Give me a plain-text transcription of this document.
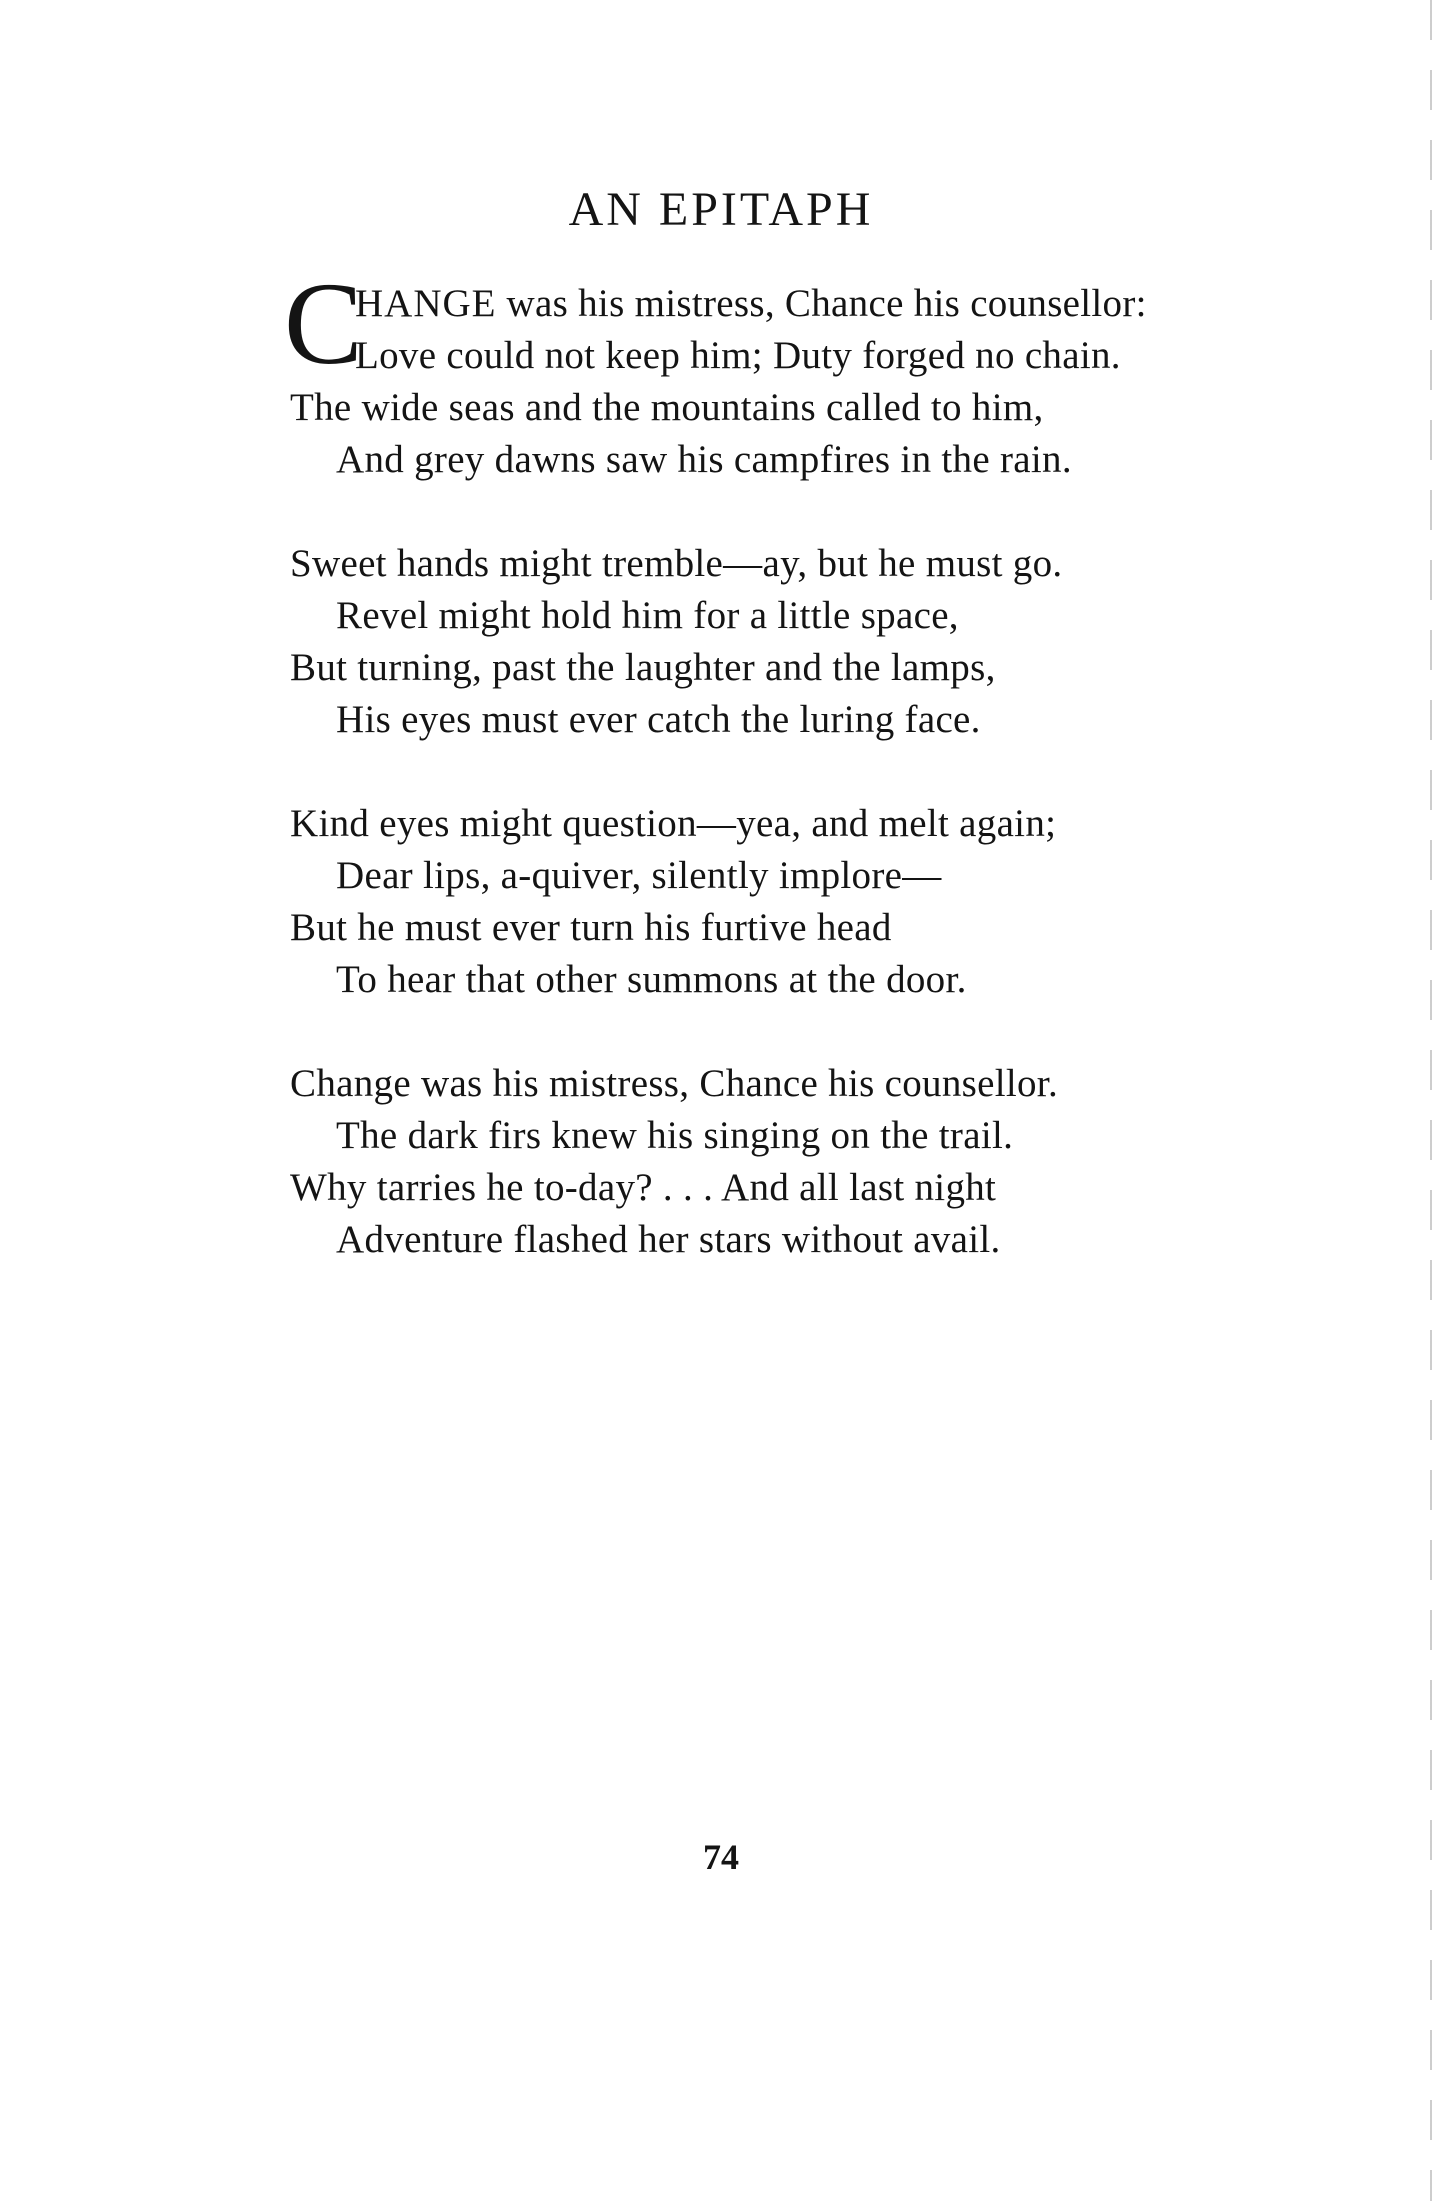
AN EPITAPH
C
HANGE was his mistress, Chance his counsellor:
Love could not keep him; Duty forged no chain.
The wide seas and the mountains called to him,
And grey dawns saw his campfires in the rain.
Sweet hands might tremble—ay, but he must go.
Revel might hold him for a little space,
But turning, past the laughter and the lamps,
His eyes must ever catch the luring face.
Kind eyes might question—yea, and melt again;
Dear lips, a-quiver, silently implore—
But he must ever turn his furtive head
To hear that other summons at the door.
Change was his mistress, Chance his counsellor.
The dark firs knew his singing on the trail.
Why tarries he to-day? . . . And all last night
Adventure flashed her stars without avail.
74
